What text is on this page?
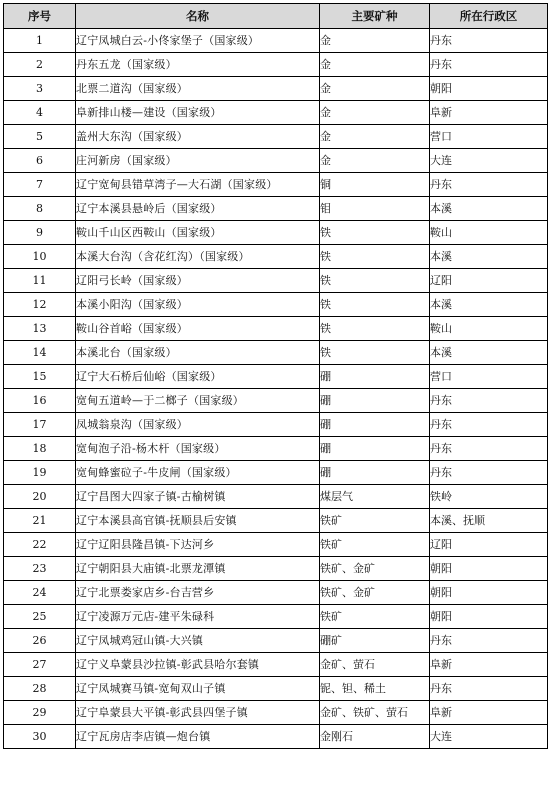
序号	名称	主要矿种	所在行政区
1	辽宁凤城白云-小佟家堡子（国家级）	金	丹东
2	丹东五龙（国家级）	金	丹东
3	北票二道沟（国家级）	金	朝阳
4	阜新排山楼—建设（国家级）	金	阜新
5	盖州大东沟（国家级）	金	营口
6	庄河新房（国家级）	金	大连
7	辽宁宽甸县错草湾子—大石湖（国家级）	铜	丹东
8	辽宁本溪县悬岭后（国家级）	钼	本溪
9	鞍山千山区西鞍山（国家级）	铁	鞍山
10	本溪大台沟（含花红沟）（国家级）	铁	本溪
11	辽阳弓长岭（国家级）	铁	辽阳
12	本溪小阳沟（国家级）	铁	本溪
13	鞍山谷首峪（国家级）	铁	鞍山
14	本溪北台（国家级）	铁	本溪
15	辽宁大石桥后仙峪（国家级）	硼	营口
16	宽甸五道岭—于二榔子（国家级）	硼	丹东
17	凤城翁泉沟（国家级）	硼	丹东
18	宽甸泡子沿-杨木杆（国家级）	硼	丹东
19	宽甸蜂蜜砬子-牛皮闸（国家级）	硼	丹东
20	辽宁昌图大四家子镇-古榆树镇	煤层气	铁岭
21	辽宁本溪县高官镇-抚顺县后安镇	铁矿	本溪、抚顺
22	辽宁辽阳县隆昌镇-下达河乡	铁矿	辽阳
23	辽宁朝阳县大庙镇-北票龙潭镇	铁矿、金矿	朝阳
24	辽宁北票娄家店乡-台吉营乡	铁矿、金矿	朝阳
25	辽宁凌源万元店-建平朱碌科	铁矿	朝阳
26	辽宁凤城鸡冠山镇-大兴镇	硼矿	丹东
27	辽宁义阜蒙县沙拉镇-彰武县哈尔套镇	金矿、萤石	阜新
28	辽宁凤城赛马镇-宽甸双山子镇	铌、钽、稀土	丹东
29	辽宁阜蒙县大平镇-彰武县四堡子镇	金矿、铁矿、萤石	阜新
30	辽宁瓦房店李店镇—炮台镇	金刚石	大连
